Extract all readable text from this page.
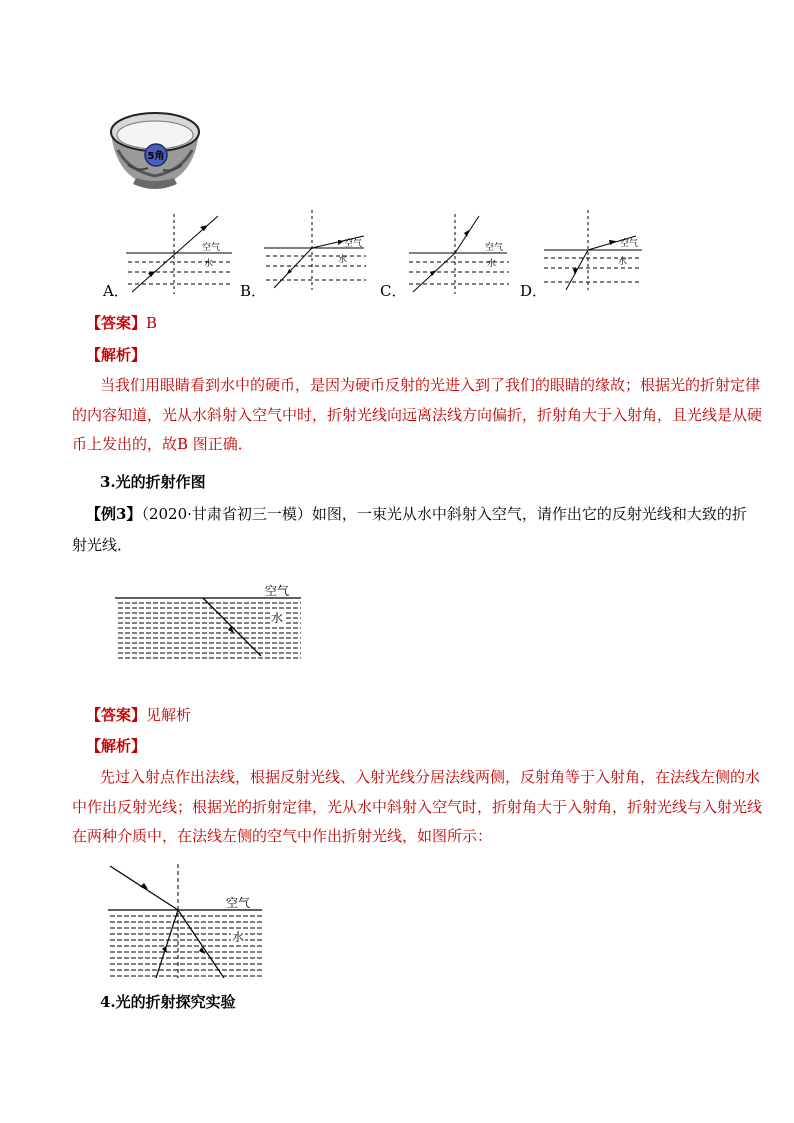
5角
空气
水
A．
空气
水
B．
空气
水
C．
空气
水
D．
【答案】B
【解析】
当我们用眼睛看到水中的硬币，是因为硬币反射的光进入到了我们的眼睛的缘故；根据光的折射定律
的内容知道，光从水斜射入空气中时，折射光线向远离法线方向偏折，折射角大于入射角，且光线是从硬
币上发出的，故B 图正确．
3.光的折射作图
【例3】（2020·甘肃省初三一模）如图，一束光从水中斜射入空气，请作出它的反射光线和大致的折
射光线．
空气
水
【答案】见解析
【解析】
先过入射点作出法线，根据反射光线、入射光线分居法线两侧，反射角等于入射角，在法线左侧的水
中作出反射光线；根据光的折射定律，光从水中斜射入空气时，折射角大于入射角，折射光线与入射光线
在两种介质中，在法线左侧的空气中作出折射光线，如图所示：
空气
水
4.光的折射探究实验
